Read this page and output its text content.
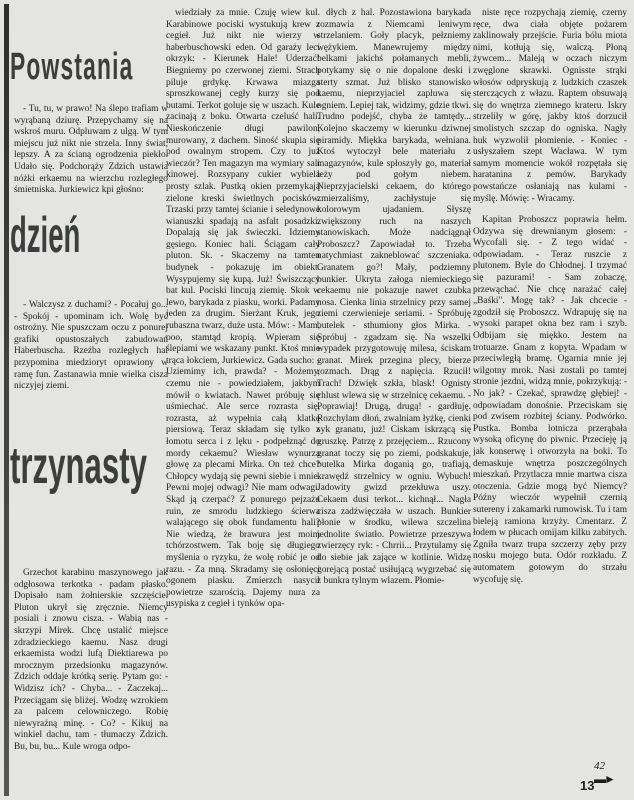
Powstania
dzień
trzynasty

- Tu, tu, w prawo! Na ślepo trafiam w wyrąbaną dziurę. Przepychamy się na wskroś muru. Odpluwam z ulgą. W tym miejscu już nikt nie strzela. Inny świat, lepszy. A za ścianą ogrodzenia piekło. Udało się. Podchorąży Zdzich ustawia nóżki erkaemu na wierzchu rozległego śmietniska. Jurkiewicz kpi głośno:

- Walczysz z duchami? - Pocałuj go... - Spokój - upominam ich. Wolę być ostrożny. Nie spuszczam oczu z ponurej grafiki opustoszałych zabudowań Haberbuscha. Rzeźba rozległych hal przypomina miedzioryt oprawiony w ramę fun. Zastanawia mnie wielka cisza niczyjej ziemi.

Grzechot karabinu maszynowego jak odgłosowa terkotka - padam płasko. Dopisało nam żołnierskie szczęście. Pluton ukrył się zręcznie. Niemcy posiali i znowu cisza. - Wabią nas - skrzypi Mirek. Chcę ustalić miejsce zdradzieckiego kaemu. Nasz drugi erkaemista wodzi lufą Diektiarewa po mrocznym przedsionku magazynów. Zdzich oddaje krótką serię. Pytam go: - Widzisz ich? - Chyba... - Zaczekaj... Przeciągam się bliżej. Wodzę wzrokiem za palcem celowniczego. Robię niewyraźną minę. - Co? - Kikuj na winkiel dachu, tam - tłumaczy Zdzich. Bu, bu, bu... Kule wroga odpo-

wiedziały za mnie. Czuję wiew kul. Karabinowe pociski wystukują krew z cegieł. Już nikt nie wierzy w haberbuschowski eden. Od garaży leci okrzyk: - Kierunek Hale! Uderzać! Biegniemy po czerwonej ziemi. Strach piluje grdykę. Krwawa miazga sproszkowanej cegły kurzy się pod butami. Terkot goluje się w uszach. Kule zacinają z boku. Otwarta czeluść hali. Nieskończenie długi pawilon, murowany, z dachem. Siność skupia się pod owalnym stropem. Czy to już wieczór? Ten magazyn ma wymiary sali kinowej. Rozsypany cukier wybiela prosty szlak. Pustką okien przemykają zielone kreski świetlnych pocisków. Trzaski przy tamtej ścianie i seledynowe wianuszki spadają na asfalt posadzki. Dopalają się jak świeczki. Idziemy gęsiego. Koniec hali. Ściągam cały pluton. Sk. - Skaczemy na tamten budynek - pokazuję im obiekt. Wysypujemy się kupą. Już! Świszczący bat kul. Pociski lincują ziemię. Skok w lewo, barykada z piasku, worki. Padamy jeden za drugim. Sierżant Kruk, jego rubaszna twarz, duże usta. Mów: - Mam, ooo, stamtąd kropią. Wpieram się ślepiami we wskazany punkt. Ktoś mnie trąca łokciem, Jurkiewicz. Gada sucho: - Uziemimy ich, prawda? - Możemy, czemu nie - powiedziałem, jakbym mówił o kwiatach. Nawet próbuję się uśmiechać. Ale serce rozrasta się, rozrasta, aż wypełnia całą klatkę piersiową. Teraz składam się tylko z łomotu serca i z lęku - podpełznąć do mordy cekaemu? Wiesław wynurza głowę za plecami Mirka. On też chce? Chłopcy wydają się pewni siebie i mnie. Pewni mojej odwagi? Nie mam odwagi. Skąd ją czerpać? Z ponurego pejzażu ruin, ze smrodu ludzkiego ścierwa walającego się obok fundamentu hali? Nie wiedzą, że brawura jest moim tchórzostwem. Tak boję się długiego myślenia o ryzyku, że wolę robić je od razu. - Za mną. Skradamy się osłonięci ogonem piasku. Zmierzch nasycił powietrze szarością. Dajemy nura za usypiska z cegieł i tynków opa-

dłych z hal. Pozostawiona barykada rozmawia z Niemcami leniwym strzelaniem. Goły placyk, pełzniemy wężykiem. Manewrujemy między belkami jakichś połamanych mebli, potykamy się o nie dopalone deski i sterty szmat. Już blisko stanowisko kaemu, nieprzyjaciel zapluwa się ogniem. Lepiej tak, widzimy, gdzie tkwi. Trudno podejść, chyba że tamtędy... Kolejno skaczemy w kierunku dziwnej piramidy. Miękka barykada, wełniana. Ktoś wytoczył bele materiału z magazynów, kule spłoszyły go, materiał leży pod gołym niebem. Nieprzyjacielski cekaem, do którego zmierzaliśmy, zachłystuje się kolorowym ujadaniem. Słyszę zwiększony ruch na naszych stanowiskach. Może nadciągnął Proboszcz? Zapowiadał to. Trzeba natychmiast zakneblować szczeniaka. Granatem go?! Mały, podziemny bunkier. Ukryta załoga niemieckiego cekaemu nie pokazuje nawet czubka nosa. Cienka linia strzelnicy przy samej ziemi czerwienieje seriami. - Spróbuję butelek - sthumiony głos Mirka. - Spróbuj - zgadzam się. Na wszelki wypadek przygotowuję milesa, ściskam granat. Mirek przegina plecy, bierze rozmach. Drąg z napięcia. Rzucił! Trach! Dźwięk szkła, blask! Ognisty chlust wlewa się w strzelnicę cekaemu. - Poprawiaj! Drugą, drugą! - gardłuję. Rozchylam dłoń, zwalniam łyżkę, cienki syk granatu, już! Ciskam iskrzącą się gruszkę. Patrzę z przejęciem... Rzucony granat toczy się po ziemi, podskakuje, butelka Mirka doganią go, trafiają, krawędź strzelnicy w ogniu. Wybuch! Jadowity gwizd przekłuwa uszy. Cekaem dusi terkot... kichnął... Nagła cisza zadźwięczała w uszach. Bunkier płonie w środku, wilewa szczelina jednolite światło. Powietrze przeszywa zwierzęcy ryk: - Chrrii... Przytulamy się do siebie jak zające w kotlinie. Widzę gorejącą postać usiłującą wygrzebać się z bunkra tylnym wlazem. Płomie-

niste ręce rozpychają ziemię, czerny ręce, dwa ciała objęte pożarem zaklinowały przejście. Furia bólu miota nimi, kotłują się, walczą. Płoną żywcem... Maleją w oczach niczym zwęglone skrawki. Ognisste strąki włosów odpryskują z ludzkich czaszek sterczących z włazu. Raptem obsuwają się do wnętrza ziemnego krateru. Iskry strzeliły w górę, jakby ktoś dorzucił smolistych szczap do ogniska. Nagły huk wyzwolił płomienie. - Koniec - usłyszałem szept Wacława. W tym samym momencie wokół rozpętała się haratanina z pemów. Barykady powstańcze osłaniają nas kulami - myślę. Mówię: - Wracamy.

Kapitan Proboszcz poprawia hełm. Odzywa się drewnianym głosem: - Wycofali się. - Z tego widać - odpowiadam. - Teraz ruszcie z plutonem. Byle do Chłodnej. I trzymać się pazurami! - Sam zobaczę, przewąchać. Nie chcę narażać całej „Baśki". Mogę tak? - Jak chcecie - zgodził się Proboszcz. Wdrapuję się na wysoki parapet okna bez ram i szyb. Odbijam się miękko. Jestem na trotuarze. Gnam z kopyta. Wpadam w przeciwległą bramę. Ogarnia mnie jej wilgotny mrok. Nasi zostali po tamtej stronie jezdni, widzą mnie, pokrzykują: - No jak? - Czekać, sprawdzę głębiej! - odpowiadam donośnie. Przeciskam się pod zwisem rozbitej ściany. Podwórko. Pustka. Bomba lotnicza przerąbała wysoką oficynę do piwnic. Przecieję ją jak konserwę i otworzyła na boki. To demaskuje wnętrza poszczególnych mieszkań. Przytlacza mnie martwa cisza otoczenia. Gdzie mogą być Niemcy? Późny wieczór wypełnił czernią sutereny i zakamarki rumowisk. Tu i tam bieleją ramiona krzyży. Cmentarz. Z łodem w płucach omijam kilku zabitych. Zgniła twarz trupa szczerzy zęby przy nosku mojego buta. Odór rozkładu. Z automatem gotowym do strzału wycofuję się.

42
▬►
13
